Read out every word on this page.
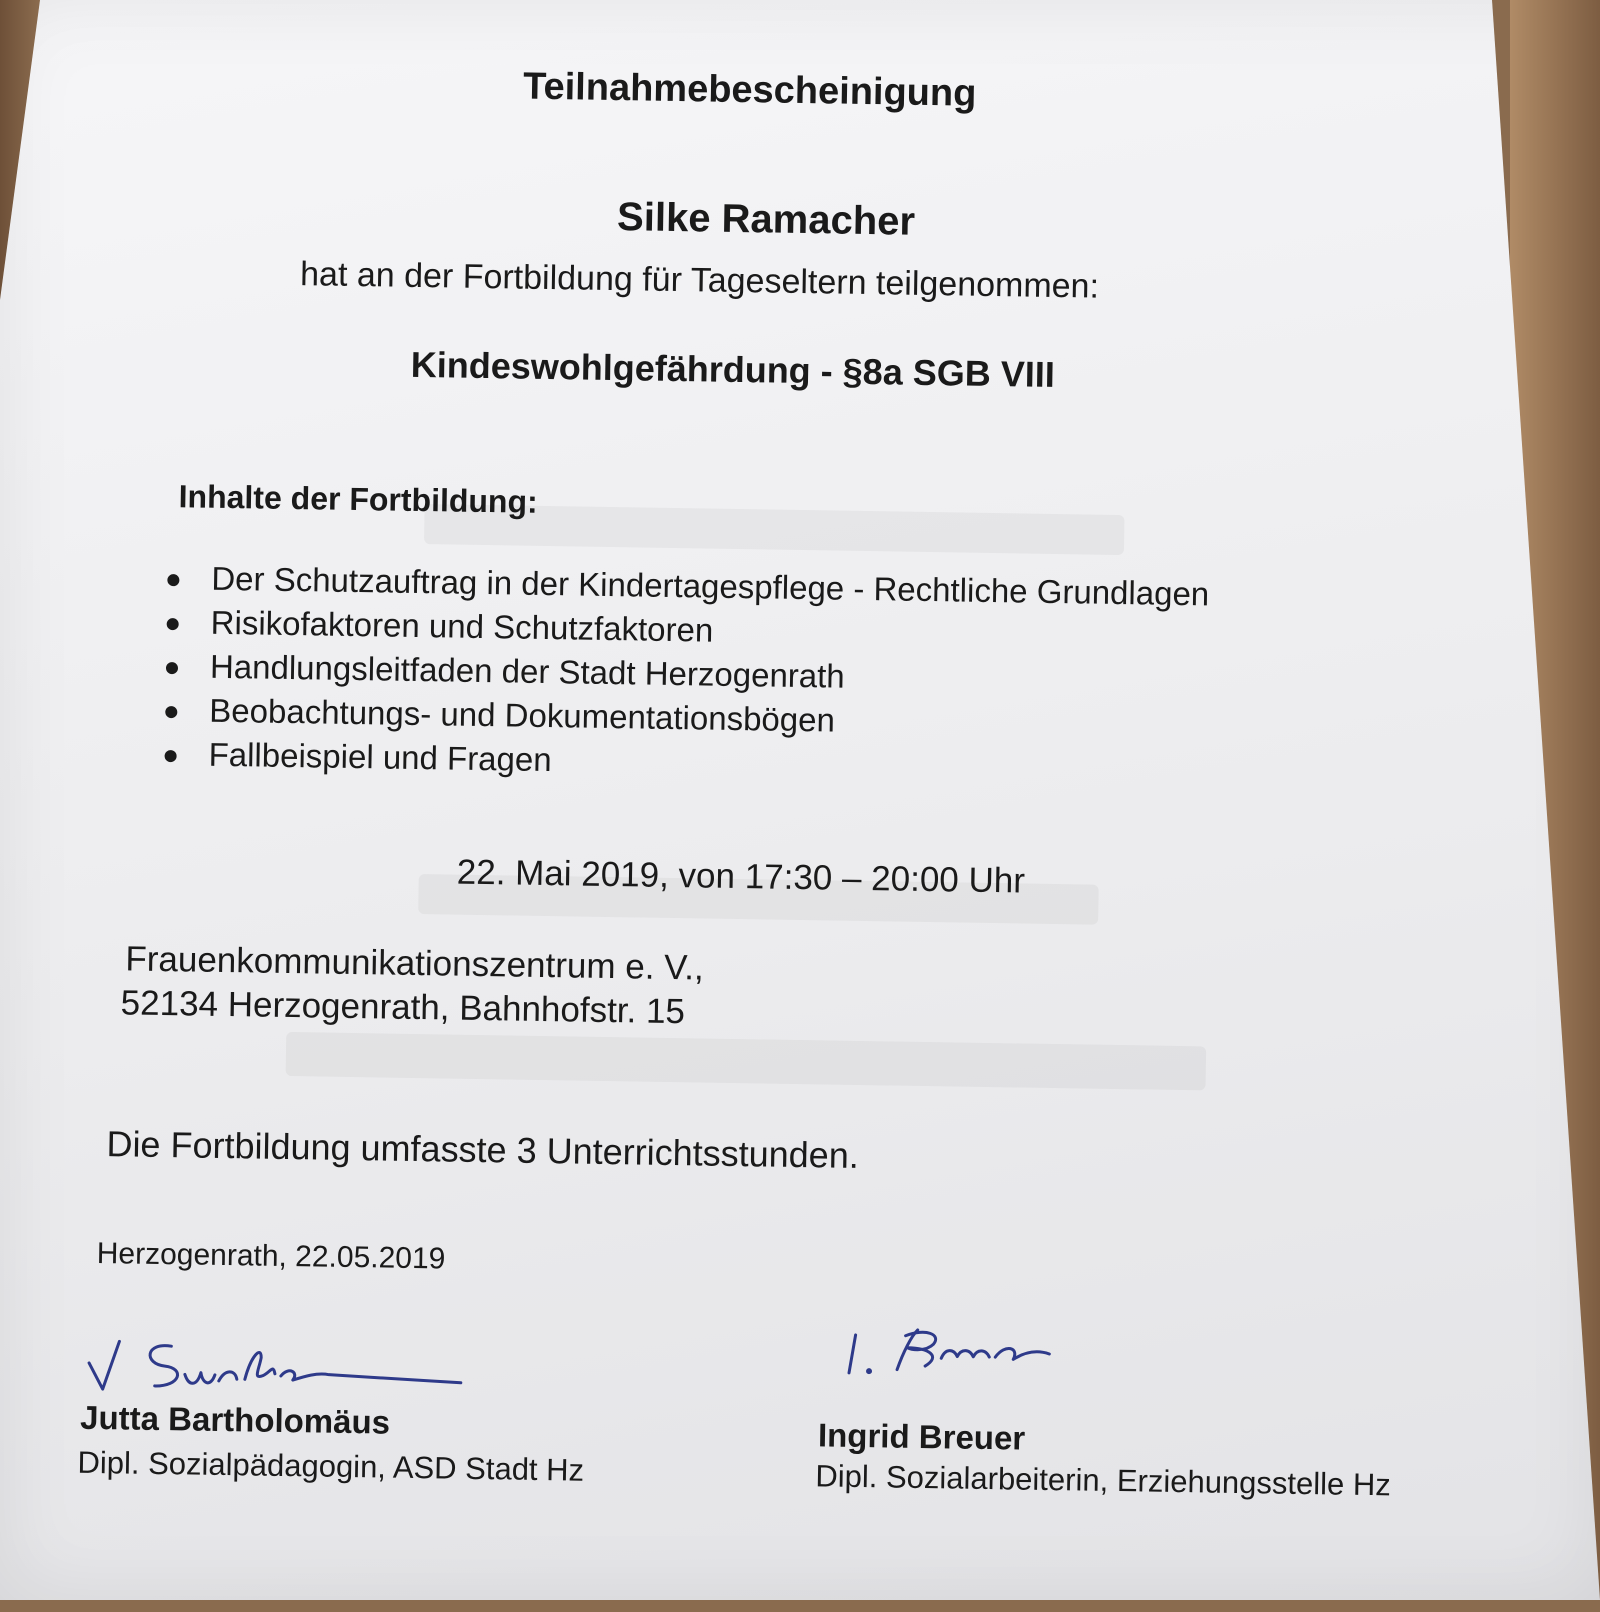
Teilnahmebescheinigung
Silke Ramacher
hat an der Fortbildung für Tageseltern teilgenommen:
Kindeswohlgefährdung - §8a SGB VIII
Inhalte der Fortbildung:
Der Schutzauftrag in der Kindertagespflege - Rechtliche Grundlagen
Risikofaktoren und Schutzfaktoren
Handlungsleitfaden der Stadt Herzogenrath
Beobachtungs- und Dokumentationsbögen
Fallbeispiel und Fragen
22. Mai 2019, von 17:30 – 20:00 Uhr
Frauenkommunikationszentrum e. V.,
52134 Herzogenrath, Bahnhofstr. 15
Die Fortbildung umfasste 3 Unterrichtsstunden.
Herzogenrath, 22.05.2019
Jutta Bartholomäus
Dipl. Sozialpädagogin, ASD Stadt Hz
Ingrid Breuer
Dipl. Sozialarbeiterin, Erziehungsstelle Hz
